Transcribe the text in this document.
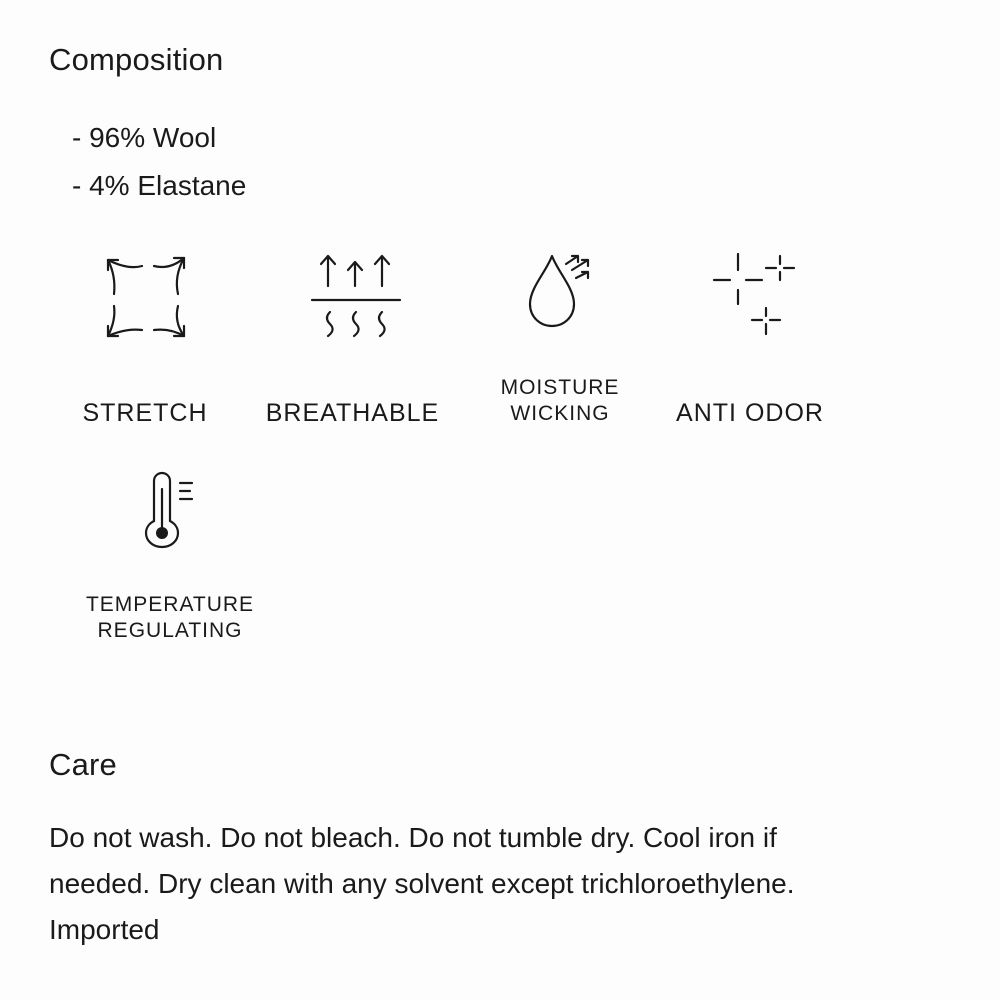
Composition
- 96% Wool
- 4% Elastane
STRETCH	BREATHABLE
MOISTURE
WICKING	ANTI ODOR
TEMPERATURE
REGULATING
Care
Do not wash. Do not bleach. Do not tumble dry. Cool iron if
needed. Dry clean with any solvent except trichloroethylene.
Imported
